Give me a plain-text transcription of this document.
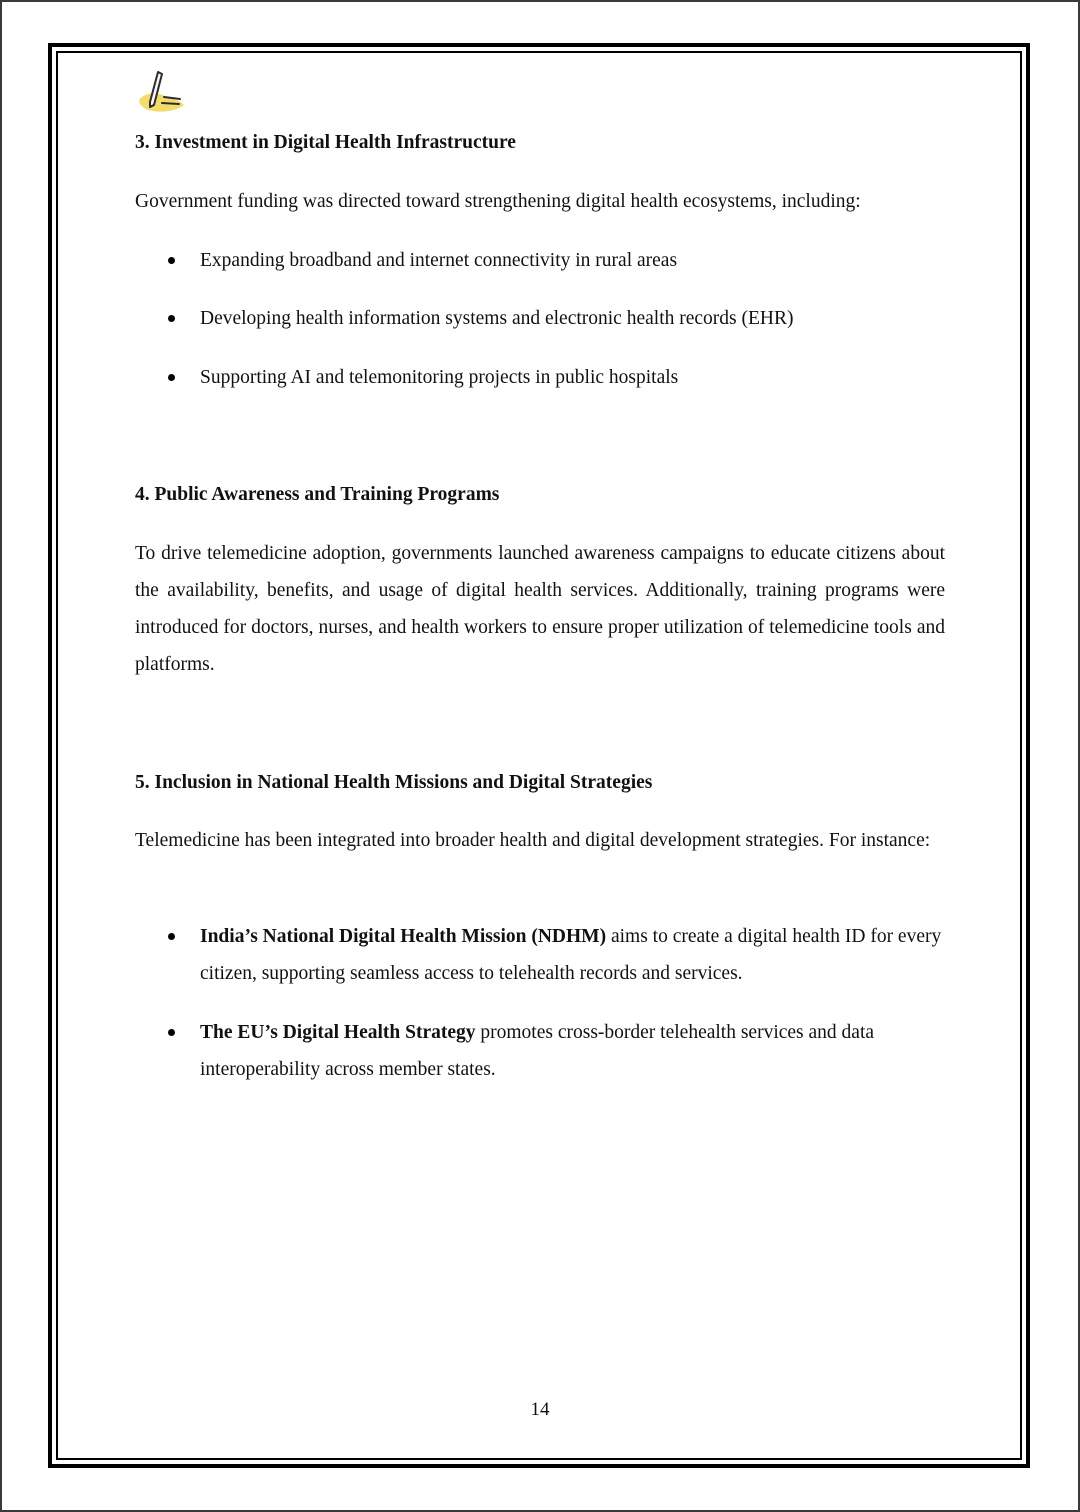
3. Investment in Digital Health Infrastructure

Government funding was directed toward strengthening digital health ecosystems, including:

Expanding broadband and internet connectivity in rural areas
Developing health information systems and electronic health records (EHR)
Supporting AI and telemonitoring projects in public hospitals
4. Public Awareness and Training Programs

To drive telemedicine adoption, governments launched awareness campaigns to educate citizens about the availability, benefits, and usage of digital health services. Additionally, training programs were introduced for doctors, nurses, and health workers to ensure proper utilization of telemedicine tools and platforms.

5. Inclusion in National Health Missions and Digital Strategies

Telemedicine has been integrated into broader health and digital development strategies. For instance:

India’s National Digital Health Mission (NDHM) aims to create a digital health ID for every citizen, supporting seamless access to telehealth records and services.
The EU’s Digital Health Strategy promotes cross-border telehealth services and data interoperability across member states.
14
